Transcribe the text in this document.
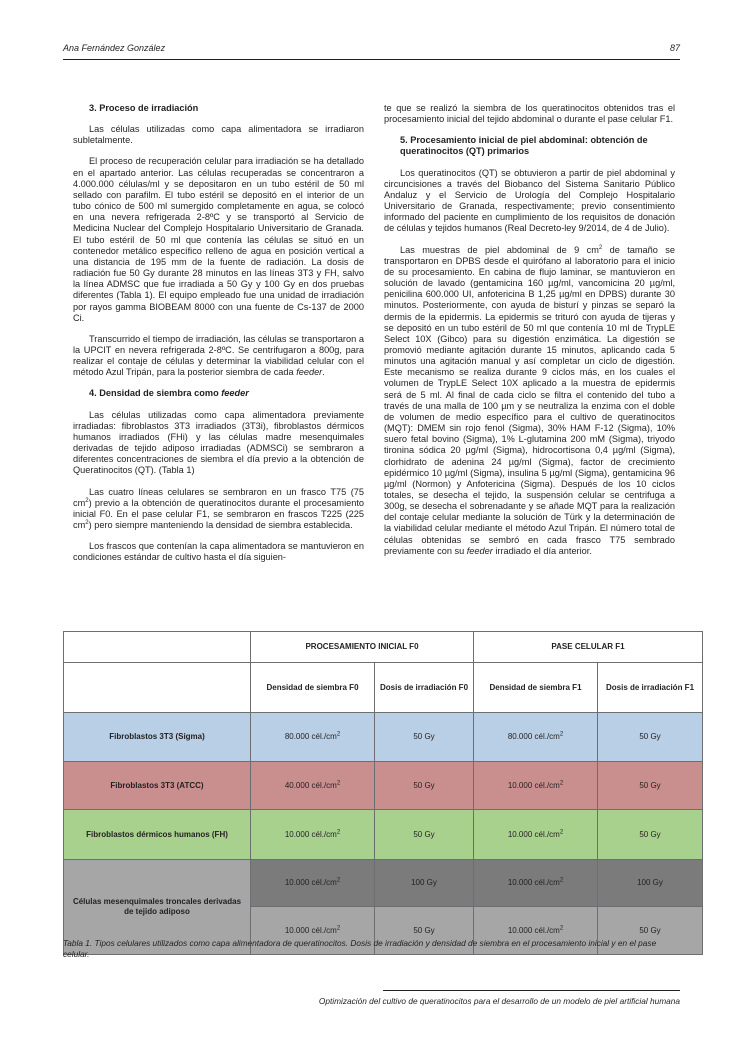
Ana Fernández González	87
3. Proceso de irradiación

Las células utilizadas como capa alimentadora se irradiaron subletalmente.

El proceso de recuperación celular para irradiación se ha detallado en el apartado anterior. Las células recuperadas se concentraron a 4.000.000 células/ml y se depositaron en un tubo estéril de 50 ml sellado con parafilm. El tubo estéril se depositó en el interior de un tubo cónico de 500 ml sumergido completamente en agua, se colocó en una nevera refrigerada 2-8ºC y se transportó al Servicio de Medicina Nuclear del Complejo Hospitalario Universitario de Granada. El tubo estéril de 50 ml que contenía las células se situó en un contenedor metálico específico relleno de agua en posición vertical a una distancia de 195 mm de la fuente de radiación. La dosis de radiación fue 50 Gy durante 28 minutos en las líneas 3T3 y FH, salvo la línea ADMSC que fue irradiada a 50 Gy y 100 Gy en dos pruebas diferentes (Tabla 1). El equipo empleado fue una unidad de irradiación por rayos gamma BIOBEAM 8000 con una fuente de Cs-137 de 2000 Ci.

Transcurrido el tiempo de irradiación, las células se transportaron a la UPCIT en nevera refrigerada 2-8ºC. Se centrifugaron a 800g, para realizar el contaje de células y determinar la viabilidad celular con el método Azul Tripán, para la posterior siembra de cada feeder.

4. Densidad de siembra como feeder

Las células utilizadas como capa alimentadora previamente irradiadas: fibroblastos 3T3 irradiados (3T3i), fibroblastos dérmicos humanos irradiados (FHi) y las células madre mesenquimales derivadas de tejido adiposo irradiadas (ADMSCi) se sembraron a diferentes concentraciones de siembra el día previo a la obtención de Queratinocitos (QT). (Tabla 1)

Las cuatro líneas celulares se sembraron en un frasco T75 (75 $cm^2$) previo a la obtención de queratinocitos durante el procesamiento inicial F0. En el pase celular F1, se sembraron en frascos T225 (225 $cm^2$) pero siempre manteniendo la densidad de siembra establecida.

Los frascos que contenían la capa alimentadora se mantuvieron en condiciones estándar de cultivo hasta el día siguien-

te que se realizó la siembra de los queratinocitos obtenidos tras el procesamiento inicial del tejido abdominal o durante el pase celular F1.

5. Procesamiento inicial de piel abdominal: obtención de queratinocitos (QT) primarios

Los queratinocitos (QT) se obtuvieron a partir de piel abdominal y circuncisiones a través del Biobanco del Sistema Sanitario Público Andaluz y el Servicio de Urología del Complejo Hospitalario Universitario de Granada, respectivamente; previo consentimiento informado del paciente en cumplimiento de los requisitos de donación de células y tejidos humanos (Real Decreto-ley 9/2014, de 4 de Julio).

Las muestras de piel abdominal de 9 $cm^2$ de tamaño se transportaron en DPBS desde el quirófano al laboratorio para el inicio de su procesamiento. En cabina de flujo laminar, se mantuvieron en solución de lavado (gentamicina 160 µg/ml, vancomicina 20 µg/ml, penicilina 600.000 UI, anfotericina B 1,25 µg/ml en DPBS) durante 30 minutos. Posteriormente, con ayuda de bisturí y pinzas se separó la dermis de la epidermis. La epidermis se trituró con ayuda de tijeras y se depositó en un tubo estéril de 50 ml que contenía 10 ml de TrypLE Select 10X (Gibco) para su digestión enzimática. La digestión se promovió mediante agitación durante 15 minutos, aplicando cada 5 minutos una agitación manual y así completar un ciclo de digestión. Este mecanismo se realiza durante 9 ciclos más, en los cuales el volumen de TrypLE Select 10X aplicado a la muestra de epidermis será de 5 ml. Al final de cada ciclo se filtra el contenido del tubo a través de una malla de 100 µm y se neutraliza la enzima con el doble de volumen de medio específico para el cultivo de queratinocitos (MQT): DMEM sin rojo fenol (Sigma), 30% HAM F-12 (Sigma), 10% suero fetal bovino (Sigma), 1% L-glutamina 200 mM (Sigma), triyodo tironina sódica 20 µg/ml (Sigma), hidrocortisona 0,4 µg/ml (Sigma), clorhidrato de adenina 24 µg/ml (Sigma), factor de crecimiento epidérmico 10 µg/ml (Sigma), insulina 5 µg/ml (Sigma), gentamicina 96 µg/ml (Normon) y Anfotericina (Sigma). Después de los 10 ciclos totales, se desecha el tejido, la suspensión celular se centrifuga a 300g, se desecha el sobrenadante y se añade MQT para la realización del contaje celular mediante la solución de Türk y la determinación de la viabilidad celular mediante el método Azul Tripán. El número total de células obtenidas se sembró en cada frasco T75 sembrado previamente con su feeder irradiado el día anterior.

	PROCESAMIENTO INICIAL F0		PASE CELULAR F1	
	Densidad de siembra F0	Dosis de irradiación F0	Densidad de siembra F1	Dosis de irradiación F1
Fibroblastos 3T3 (Sigma)	80.000 $cél./cm^2$	50 Gy	80.000 $cél./cm^2$	50 Gy
Fibroblastos 3T3 (ATCC)	40.000 $cél./cm^2$	50 Gy	10.000 $cél./cm^2$	50 Gy
Fibroblastos dérmicos humanos (FH)	10.000 $cél./cm^2$	50 Gy	10.000 $cél./cm^2$	50 Gy
Células mesenquimales troncales derivadas de tejido adiposo	10.000 $cél./cm^2$	100 Gy	10.000 $cél./cm^2$	100 Gy
	10.000 $cél./cm^2$	50 Gy	10.000 $cél./cm^2$	50 Gy
Tabla 1. Tipos celulares utilizados como capa alimentadora de queratinocitos. Dosis de irradiación y densidad de siembra en el procesamiento inicial y en el pase celular.
Optimización del cultivo de queratinocitos para el desarrollo de un modelo de piel artificial humana
